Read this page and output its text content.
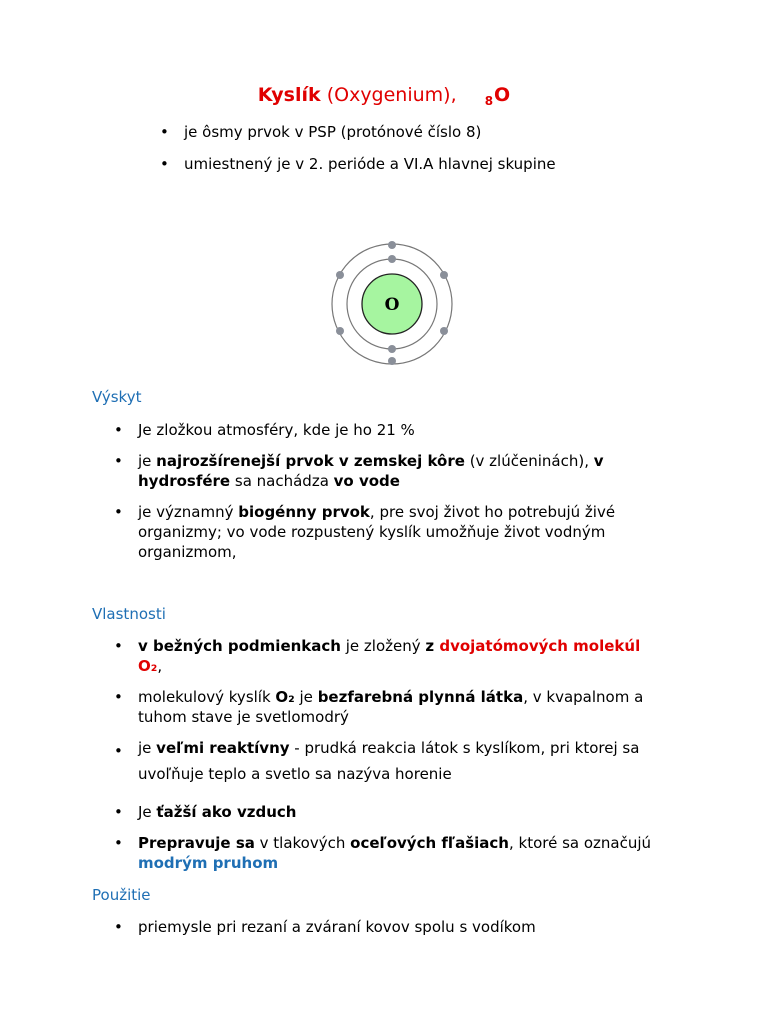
Kyslík (Oxygenium), $_8$O
• je ôsmy prvok v PSP (protónové číslo 8)
• umiestnený je v 2. perióde a VI.A hlavnej skupine
O
Výskyt
• Je zložkou atmosféry, kde je ho 21 %
• je najrozšírenejší prvok v zemskej kôre (v zlúčeninách), v
hydrosfére sa nachádza vo vode
• je významný biogénny prvok, pre svoj život ho potrebujú živé
organizmy; vo vode rozpustený kyslík umožňuje život vodným
organizmom,
Vlastnosti
• v bežných podmienkach je zložený z dvojatómových molekúl
O₂,
• molekulový kyslík O₂ je bezfarebná plynná látka, v kvapalnom a
tuhom stave je svetlomodrý
• je veľmi reaktívny - prudká reakcia látok s kyslíkom, pri ktorej sa
uvoľňuje teplo a svetlo sa nazýva horenie
• Je ťažší ako vzduch
• Prepravuje sa v tlakových oceľových fľašiach, ktoré sa označujú
modrým pruhom
Použitie
• priemysle pri rezaní a zváraní kovov spolu s vodíkom
